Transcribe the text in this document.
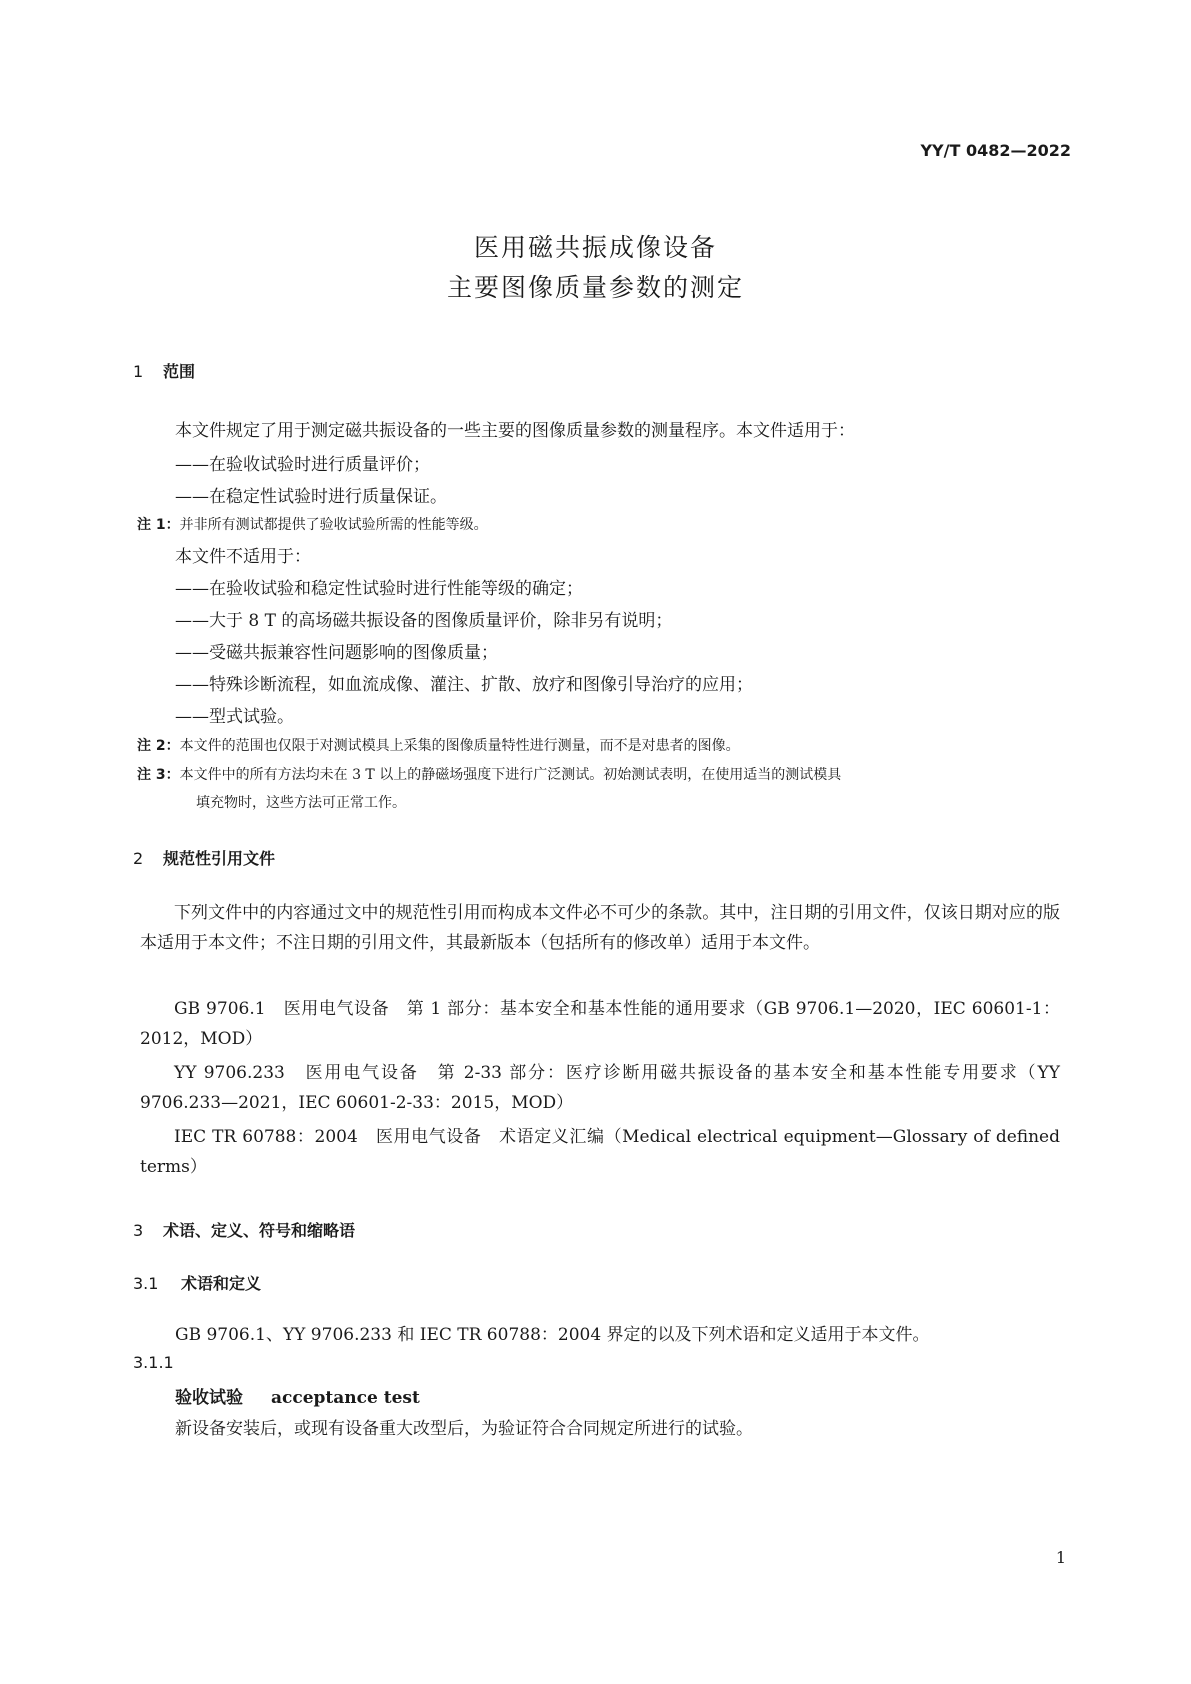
YY/T 0482—2022
医用磁共振成像设备
主要图像质量参数的测定
1 范围
本文件规定了用于测定磁共振设备的一些主要的图像质量参数的测量程序。本文件适用于：
——在验收试验时进行质量评价；
——在稳定性试验时进行质量保证。
注 1：并非所有测试都提供了验收试验所需的性能等级。
本文件不适用于：
——在验收试验和稳定性试验时进行性能等级的确定；
——大于 8 T 的高场磁共振设备的图像质量评价，除非另有说明；
——受磁共振兼容性问题影响的图像质量；
——特殊诊断流程，如血流成像、灌注、扩散、放疗和图像引导治疗的应用；
——型式试验。
注 2：本文件的范围也仅限于对测试模具上采集的图像质量特性进行测量，而不是对患者的图像。
注 3：本文件中的所有方法均未在 3 T 以上的静磁场强度下进行广泛测试。初始测试表明，在使用适当的测试模具
填充物时，这些方法可正常工作。
2 规范性引用文件
下列文件中的内容通过文中的规范性引用而构成本文件必不可少的条款。其中，注日期的引用文件，仅该日期对应的版本适用于本文件；不注日期的引用文件，其最新版本（包括所有的修改单）适用于本文件。
GB 9706.1　医用电气设备　第 1 部分：基本安全和基本性能的通用要求（GB 9706.1—2020，IEC 60601-1：2012，MOD）
YY 9706.233　医用电气设备　第 2-33 部分：医疗诊断用磁共振设备的基本安全和基本性能专用要求（YY 9706.233—2021，IEC 60601-2-33：2015，MOD）
IEC TR 60788：2004　医用电气设备　术语定义汇编（Medical electrical equipment—Glossary of defined terms）
3 术语、定义、符号和缩略语
3.1 术语和定义
GB 9706.1、YY 9706.233 和 IEC TR 60788：2004 界定的以及下列术语和定义适用于本文件。
3.1.1
验收试验 acceptance test
新设备安装后，或现有设备重大改型后，为验证符合合同规定所进行的试验。
1
